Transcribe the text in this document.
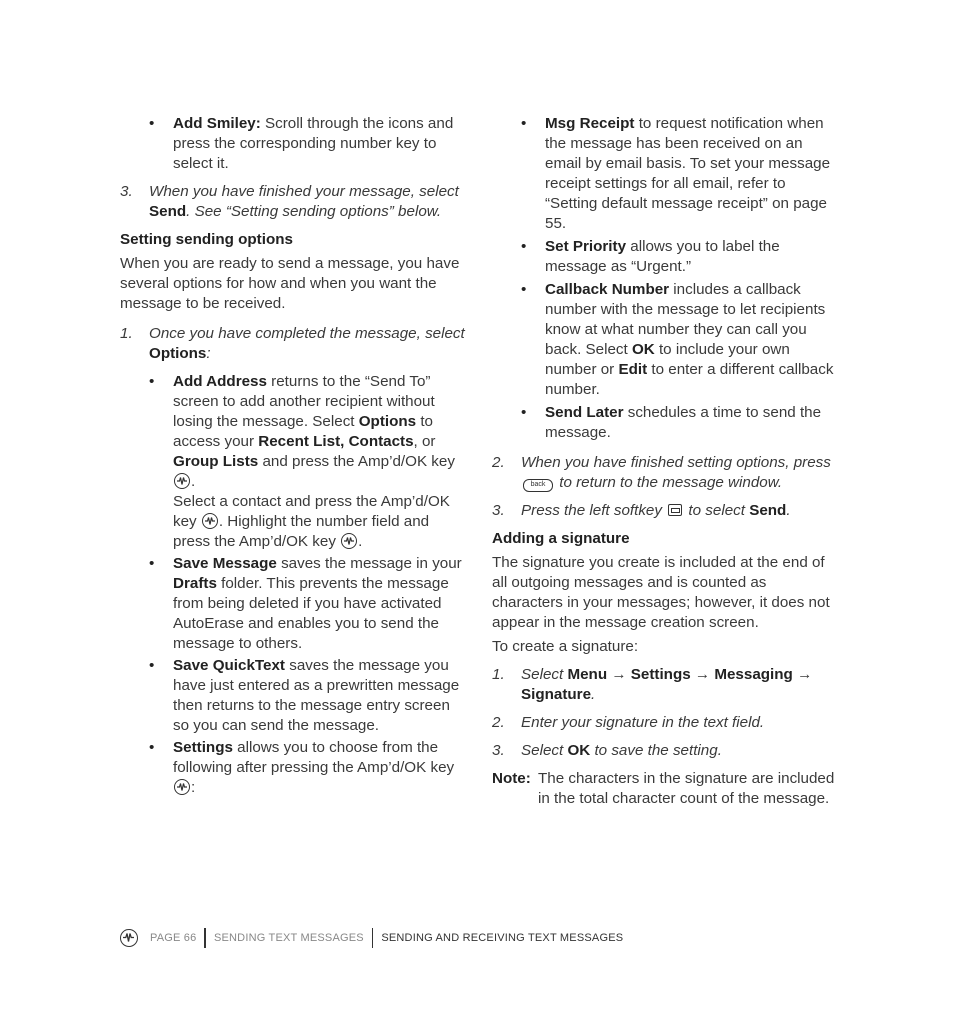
• Add Smiley: Scroll through the icons and press the corresponding number key to select it.
3. When you have finished your message, select Send. See “Setting sending options” below.
Setting sending options

When you are ready to send a message, you have several options for how and when you want the message to be received.

1. Once you have completed the message, select Options:
• Add Address returns to the “Send To” screen to add another recipient without losing the message. Select Options to access your Recent List, Contacts, or Group Lists and press the Amp’d/OK key
.
Select a contact and press the Amp’d/OK key
. Highlight the number field and press the Amp’d/OK key
.
• Save Message saves the message in your Drafts folder. This prevents the message from being deleted if you have activated AutoErase and enables you to send the message to others.
• Save QuickText saves the message you have just entered as a prewritten message then returns to the message entry screen so you can send the message.
• Settings allows you to choose from the following after pressing the Amp’d/OK key
:
• Msg Receipt to request notification when the message has been received on an email by email basis. To set your message receipt settings for all email, refer to “Setting default message receipt” on page 55.
• Set Priority allows you to label the message as “Urgent.”
• Callback Number includes a callback number with the message to let recipients know at what number they can call you back. Select OK to include your own number or Edit to enter a different callback number.
• Send Later schedules a time to send the message.
2. When you have finished setting options, press back to return to the message window.
3. Press the left softkey  to select Send.
Adding a signature

The signature you create is included at the end of all outgoing messages and is counted as characters in your messages; however, it does not appear in the message creation screen.

To create a signature:

1. Select Menu → Settings → Messaging → Signature.
2. Enter your signature in the text field.
3. Select OK to save the setting.
Note: The characters in the signature are included in the total character count of the message.
PAGE 66 SENDING TEXT MESSAGES SENDING AND RECEIVING TEXT MESSAGES
